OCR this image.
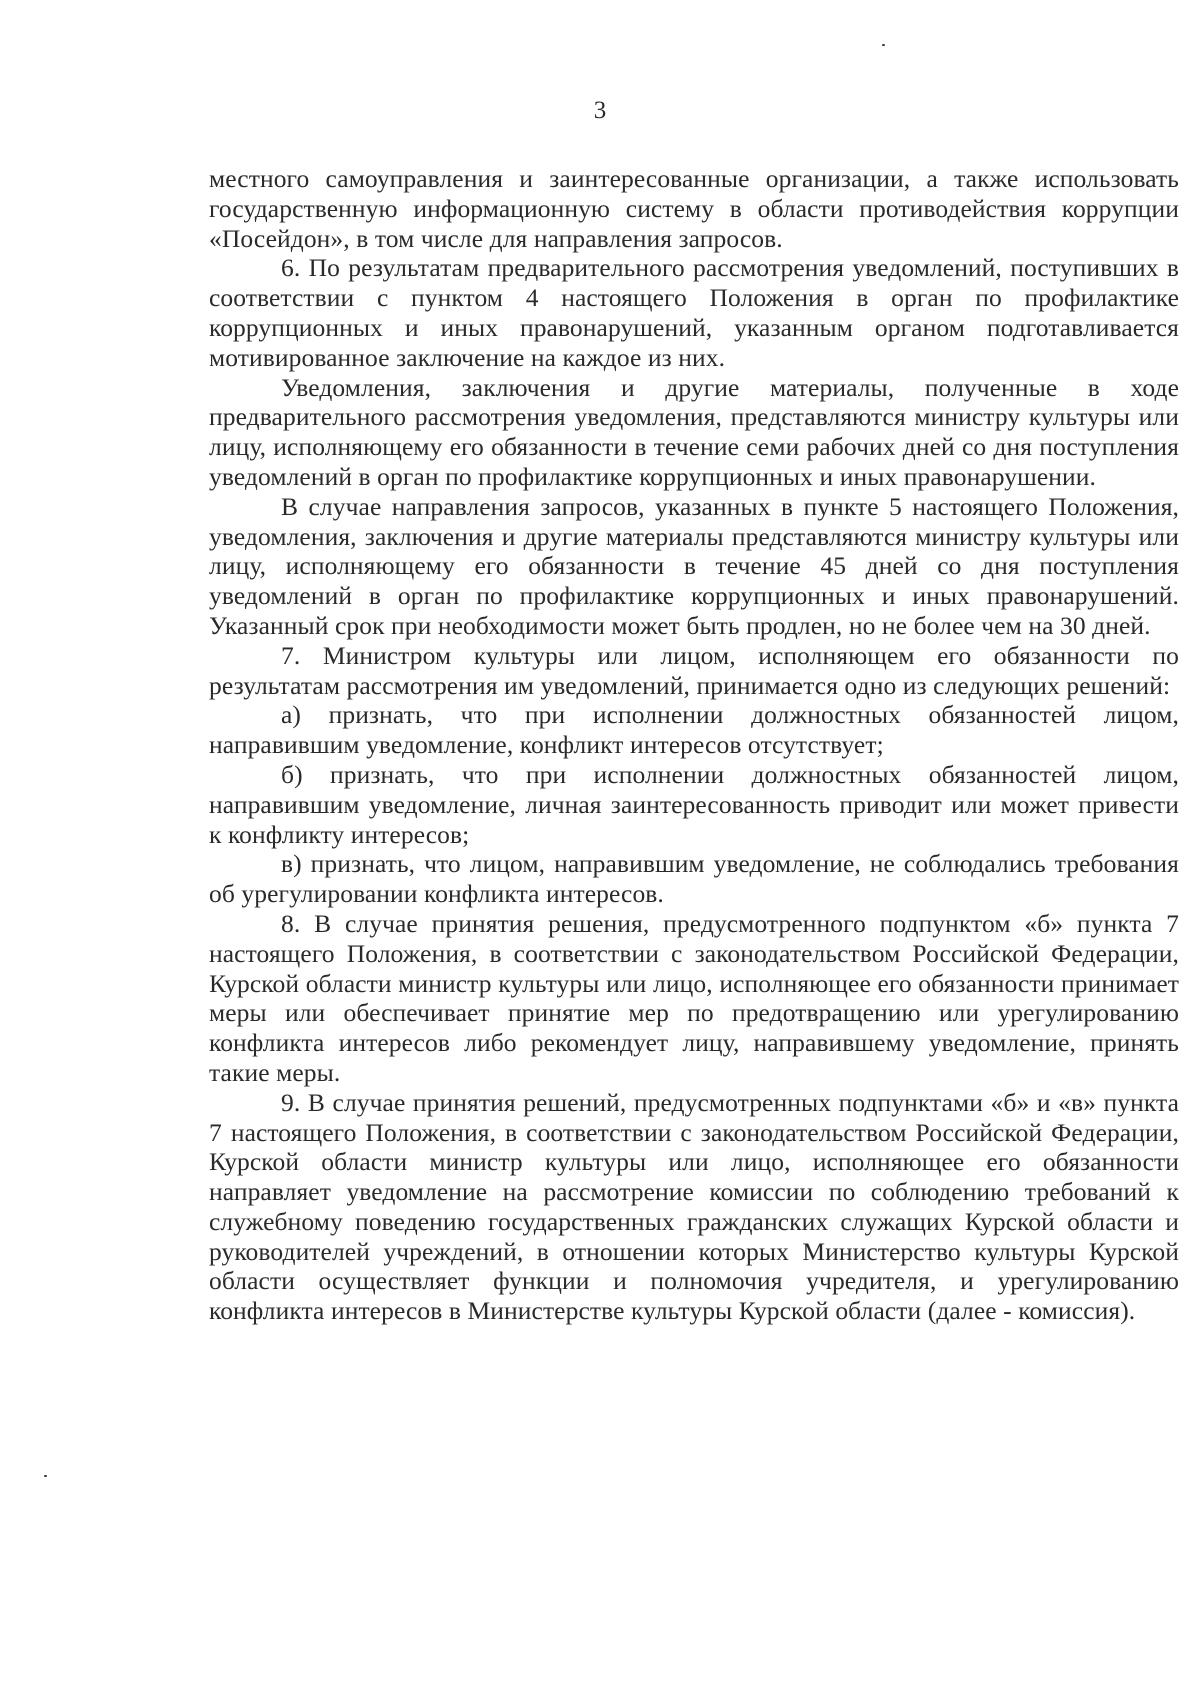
3

местного самоуправления и заинтересованные организации, а также использовать государственную информационную систему в области противодействия коррупции «Посейдон», в том числе для направления запросов.

6. По результатам предварительного рассмотрения уведомлений, поступивших в соответствии с пунктом 4 настоящего Положения в орган по профилактике коррупционных и иных правонарушений, указанным органом подготавливается мотивированное заключение на каждое из них.

Уведомления, заключения и другие материалы, полученные в ходе предварительного рассмотрения уведомления, представляются министру культуры или лицу, исполняющему его обязанности в течение семи рабочих дней со дня поступления уведомлений в орган по профилактике коррупционных и иных правонарушении.

В случае направления запросов, указанных в пункте 5 настоящего Положения, уведомления, заключения и другие материалы представляются министру культуры или лицу, исполняющему его обязанности в течение 45 дней со дня поступления уведомлений в орган по профилактике коррупционных и иных правонарушений. Указанный срок при необходимости может быть продлен, но не более чем на 30 дней.

7. Министром культуры или лицом, исполняющем его обязанности по результатам рассмотрения им уведомлений, принимается одно из следующих решений:

а) признать, что при исполнении должностных обязанностей лицом, направившим уведомление, конфликт интересов отсутствует;

б) признать, что при исполнении должностных обязанностей лицом, направившим уведомление, личная заинтересованность приводит или может привести к конфликту интересов;

в) признать, что лицом, направившим уведомление, не соблюдались требования об урегулировании конфликта интересов.

8. В случае принятия решения, предусмотренного подпунктом «б» пункта 7 настоящего Положения, в соответствии с законодательством Российской Федерации, Курской области министр культуры или лицо, исполняющее его обязанности принимает меры или обеспечивает принятие мер по предотвращению или урегулированию конфликта интересов либо рекомендует лицу, направившему уведомление, принять такие меры.

9. В случае принятия решений, предусмотренных подпунктами «б» и «в» пункта 7 настоящего Положения, в соответствии с законодательством Российской Федерации, Курской области министр культуры или лицо, исполняющее его обязанности направляет уведомление на рассмотрение комиссии по соблюдению требований к служебному поведению государственных гражданских служащих Курской области и руководителей учреждений, в отношении которых Министерство культуры Курской области осуществляет функции и полномочия учредителя, и урегулированию конфликта интересов в Министерстве культуры Курской области (далее - комиссия).
